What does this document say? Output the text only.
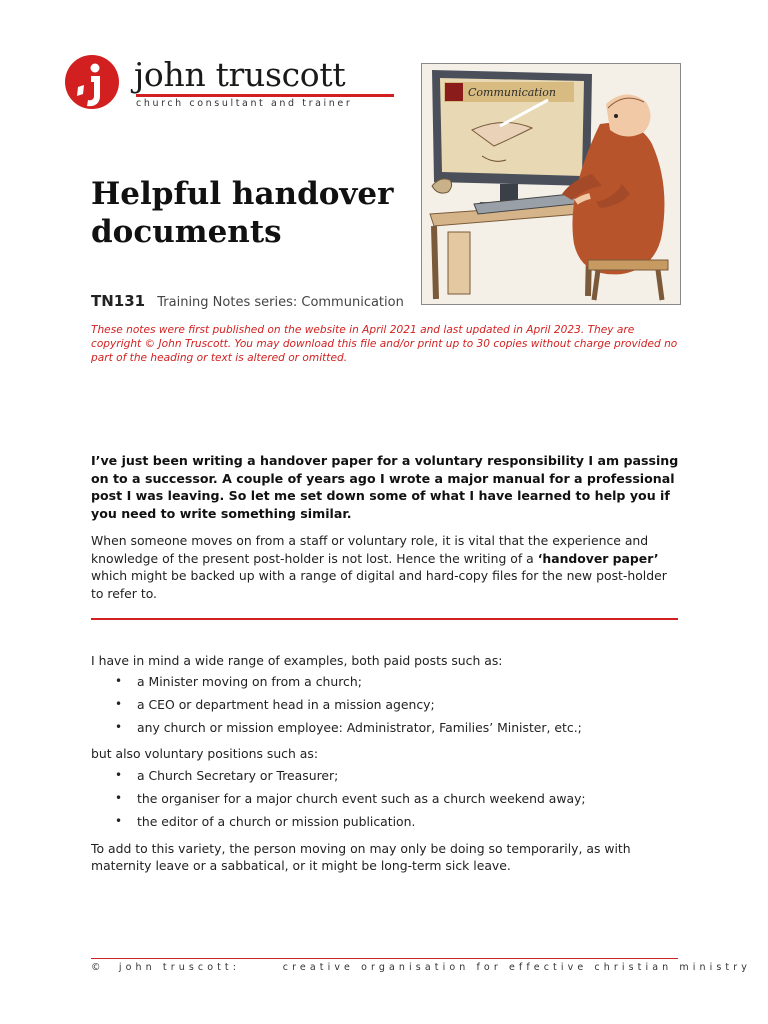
john truscott
church consultant and trainer
Communication
Helpful handover documents
TN131 Training Notes series: Communication

These notes were first published on the website in April 2021 and last updated in April 2023. They are copyright © John Truscott. You may download this file and/or print up to 30 copies without charge provided no part of the heading or text is altered or omitted.

I’ve just been writing a handover paper for a voluntary responsibility I am passing on to a successor. A couple of years ago I wrote a major manual for a professional post I was leaving. So let me set down some of what I have learned to help you if you need to write something similar.

When someone moves on from a staff or voluntary role, it is vital that the experience and knowledge of the present post-holder is not lost. Hence the writing of a ‘handover paper’ which might be backed up with a range of digital and hard-copy files for the new post-holder to refer to.

I have in mind a wide range of examples, both paid posts such as:

• a Minister moving on from a church;
• a CEO or department head in a mission agency;
• any church or mission employee: Administrator, Families’ Minister, etc.;

but also voluntary positions such as:

• a Church Secretary or Treasurer;
• the organiser for a major church event such as a church weekend away;
• the editor of a church or mission publication.

To add to this variety, the person moving on may only be doing so temporarily, as with maternity leave or a sabbatical, or it might be long-term sick leave.

© john truscott:	creative organisation for effective christian ministry
